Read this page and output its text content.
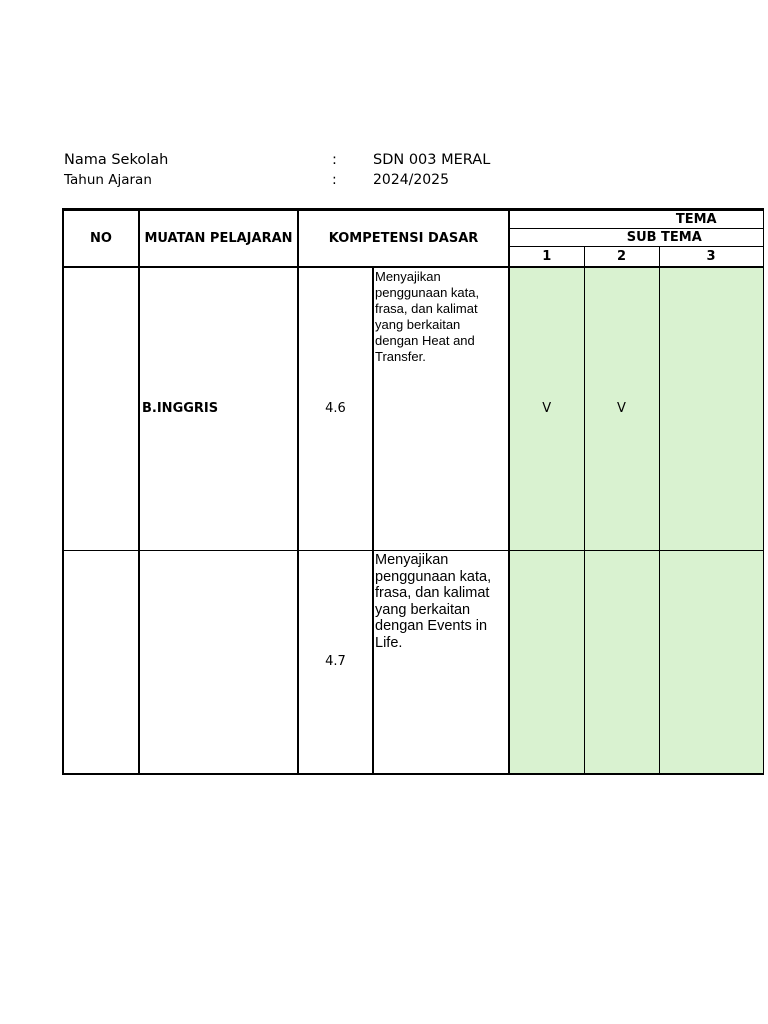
Nama Sekolah	: SDN 003 MERAL
Tahun Ajaran	:	2024/2025
NO	MUATAN PELAJARAN	KOMPETENSI DASAR		TEMA		
				SUB TEMA		
				1	2	3
	B.INGGRIS	4.6	Menyajikan penggunaan kata, frasa, dan kalimat yang berkaitan dengan Heat and Transfer.	V	V	
		4.7	Menyajikan penggunaan kata, frasa, dan kalimat yang berkaitan dengan Events in Life.			
